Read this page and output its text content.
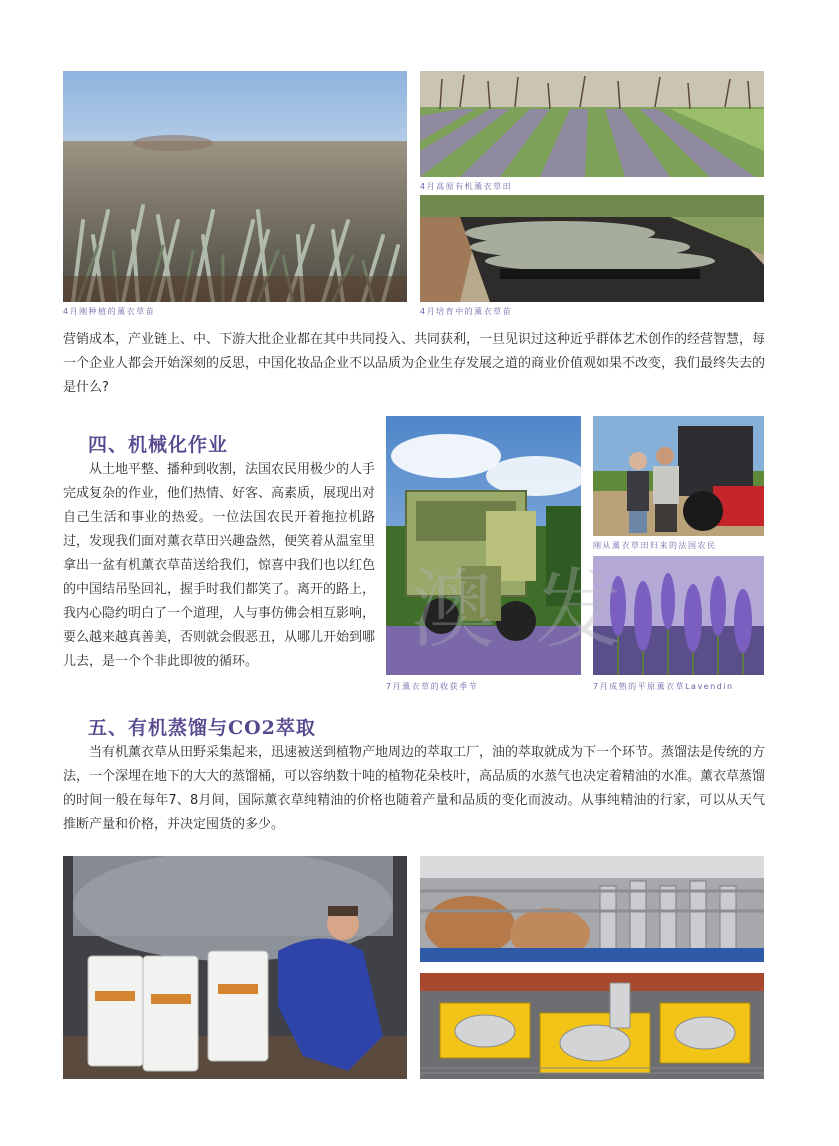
4月刚种植的薰衣草苗
4月高原有机薰衣草田
4月培育中的薰衣草苗

营销成本，产业链上、中、下游大批企业都在其中共同投入、共同获利，一旦见识过这种近乎群体艺术创作的经营智慧，每一个企业人都会开始深刻的反思，中国化妆品企业不以品质为企业生存发展之道的商业价值观如果不改变，我们最终失去的是什么?

四、机械化作业

从土地平整、播种到收割，法国农民用极少的人手完成复杂的作业，他们热情、好客、高素质，展现出对自己生活和事业的热爱。一位法国农民开着拖拉机路过，发现我们面对薰衣草田兴趣盎然，便笑着从温室里拿出一盆有机薰衣草苗送给我们，惊喜中我们也以红色的中国结吊坠回礼，握手时我们都笑了。离开的路上，我内心隐约明白了一个道理，人与事仿佛会相互影响，要么越来越真善美，否则就会假恶丑，从哪儿开始到哪儿去，是一个个非此即彼的循环。

7月薰衣草的收获季节
刚从薰衣草田归来的法国农民
7月成熟的平原薰衣草Lavendin
澳 发
五、有机蒸馏与CO2萃取

当有机薰衣草从田野采集起来，迅速被送到植物产地周边的萃取工厂，油的萃取就成为下一个环节。蒸馏法是传统的方法，一个深埋在地下的大大的蒸馏桶，可以容纳数十吨的植物花朵枝叶，高品质的水蒸气也决定着精油的水准。薰衣草蒸馏的时间一般在每年7、8月间，国际薰衣草纯精油的价格也随着产量和品质的变化而波动。从事纯精油的行家，可以从天气推断产量和价格，并决定囤货的多少。
